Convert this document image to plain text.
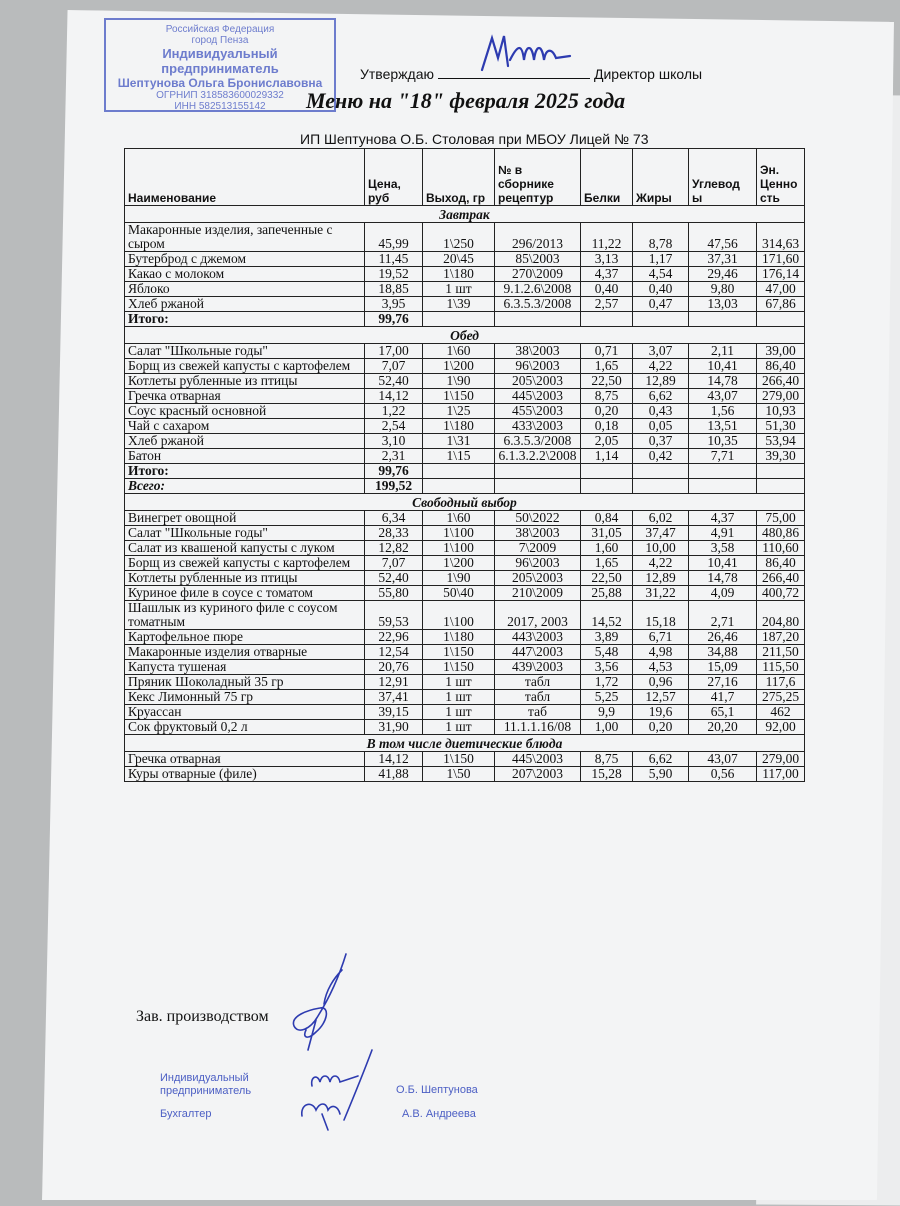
Российская Федерация
город Пенза
Индивидуальный предприниматель
Шептунова Ольга Брониславовна
ОГРНИП 318583600029332
ИНН 582513155142
Утверждаю	Директор школы
Меню на "18" февраля 2025 года
ИП Шептунова О.Б. Столовая при МБОУ Лицей № 73
Наименование	Цена, руб	Выход, гр	№ в сборнике рецептур	Белки	Жиры	Углевод ы	Эн. Ценно сть
Завтрак							
Макаронные изделия, запеченные с сыром	45,99	1\250	296/2013	11,22	8,78	47,56	314,63
Бутерброд с джемом	11,45	20\45	85\2003	3,13	1,17	37,31	171,60
Какао с молоком	19,52	1\180	270\2009	4,37	4,54	29,46	176,14
Яблоко	18,85	1 шт	9.1.2.6\2008	0,40	0,40	9,80	47,00
Хлеб ржаной	3,95	1\39	6.3.5.3/2008	2,57	0,47	13,03	67,86
Итого:	99,76						
Обед							
Салат "Школьные годы"	17,00	1\60	38\2003	0,71	3,07	2,11	39,00
Борщ из свежей капусты с картофелем	7,07	1\200	96\2003	1,65	4,22	10,41	86,40
Котлеты рубленные из птицы	52,40	1\90	205\2003	22,50	12,89	14,78	266,40
Гречка отварная	14,12	1\150	445\2003	8,75	6,62	43,07	279,00
Соус красный основной	1,22	1\25	455\2003	0,20	0,43	1,56	10,93
Чай с сахаром	2,54	1\180	433\2003	0,18	0,05	13,51	51,30
Хлеб ржаной	3,10	1\31	6.3.5.3/2008	2,05	0,37	10,35	53,94
Батон	2,31	1\15	6.1.3.2.2\2008	1,14	0,42	7,71	39,30
Итого:	99,76						
Всего:	199,52						
Свободный выбор							
Винегрет овощной	6,34	1\60	50\2022	0,84	6,02	4,37	75,00
Салат "Школьные годы"	28,33	1\100	38\2003	31,05	37,47	4,91	480,86
Салат из квашеной капусты с луком	12,82	1\100	7\2009	1,60	10,00	3,58	110,60
Борщ из свежей капусты с картофелем	7,07	1\200	96\2003	1,65	4,22	10,41	86,40
Котлеты рубленные из птицы	52,40	1\90	205\2003	22,50	12,89	14,78	266,40
Куриное филе в соусе с томатом	55,80	50\40	210\2009	25,88	31,22	4,09	400,72
Шашлык из куриного филе с соусом томатным	59,53	1\100	2017, 2003	14,52	15,18	2,71	204,80
Картофельное пюре	22,96	1\180	443\2003	3,89	6,71	26,46	187,20
Макаронные изделия отварные	12,54	1\150	447\2003	5,48	4,98	34,88	211,50
Капуста тушеная	20,76	1\150	439\2003	3,56	4,53	15,09	115,50
Пряник Шоколадный 35 гр	12,91	1 шт	табл	1,72	0,96	27,16	117,6
Кекс Лимонный 75 гр	37,41	1 шт	табл	5,25	12,57	41,7	275,25
Круассан	39,15	1 шт	таб	9,9	19,6	65,1	462
Сок фруктовый 0,2 л	31,90	1 шт	11.1.1.16/08	1,00	0,20	20,20	92,00
В том числе диетические блюда							
Гречка отварная	14,12	1\150	445\2003	8,75	6,62	43,07	279,00
Куры отварные (филе)	41,88	1\50	207\2003	15,28	5,90	0,56	117,00
Зав. производством
Индивидуальный
предприниматель	О.Б. Шептунова
Бухгалтер	А.В. Андреева
